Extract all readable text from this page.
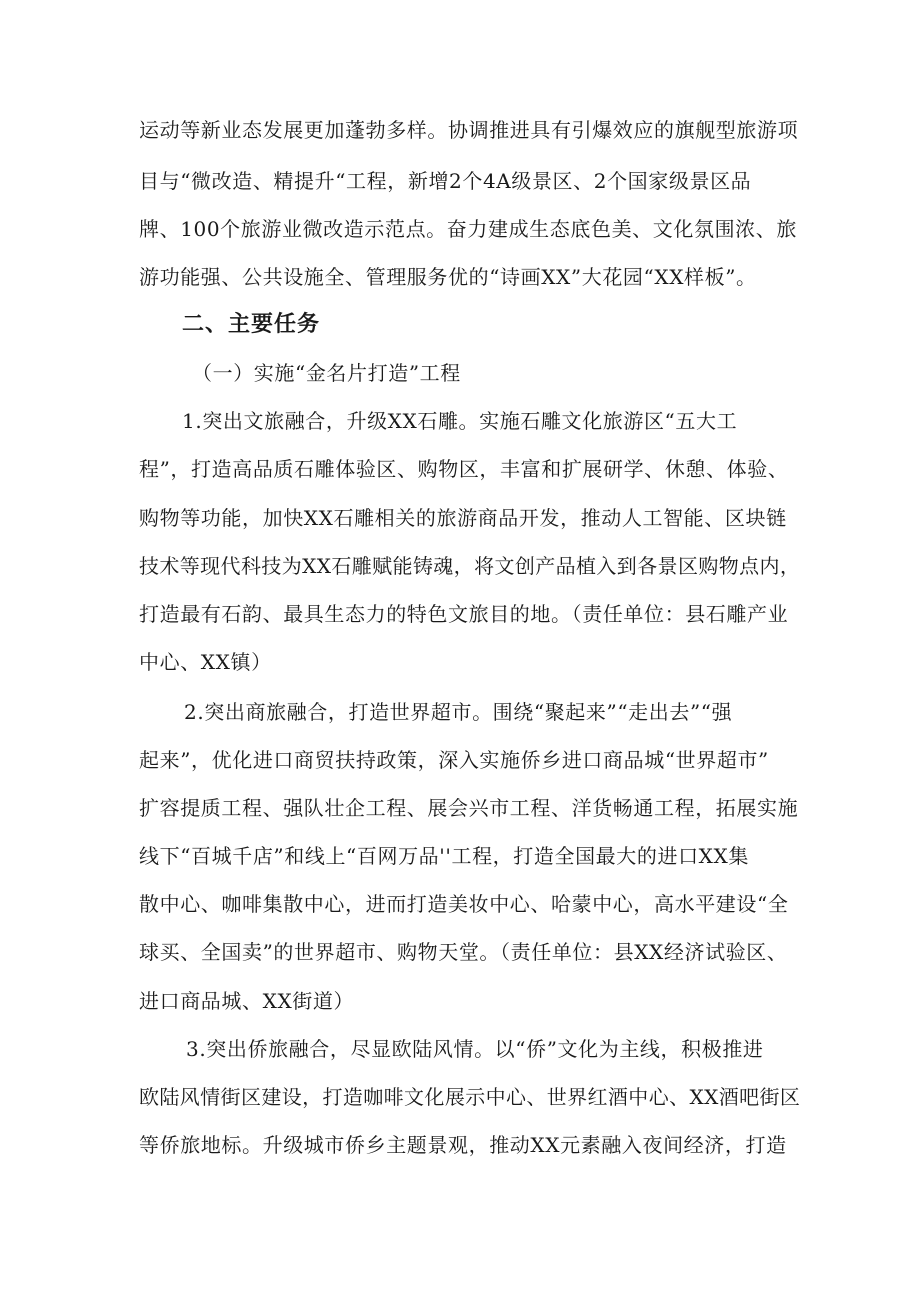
运动等新业态发展更加蓬勃多样。协调推进具有引爆效应的旗舰型旅游项
目与“微改造、精提升“工程，新增2个4A级景区、2个国家级景区品
牌、100个旅游业微改造示范点。奋力建成生态底色美、文化氛围浓、旅
游功能强、公共设施全、管理服务优的“诗画XX”大花园“XX样板”。
二、主要任务
（一）实施“金名片打造”工程
1.突出文旅融合，升级XX石雕。实施石雕文化旅游区“五大工
程”，打造高品质石雕体验区、购物区，丰富和扩展研学、休憩、体验、
购物等功能，加快XX石雕相关的旅游商品开发，推动人工智能、区块链
技术等现代科技为XX石雕赋能铸魂，将文创产品植入到各景区购物点内，
打造最有石韵、最具生态力的特色文旅目的地。（责任单位：县石雕产业
中心、XX镇）
2.突出商旅融合，打造世界超市。围绕“聚起来”“走出去”“强
起来”，优化进口商贸扶持政策，深入实施侨乡进口商品城“世界超市”
扩容提质工程、强队壮企工程、展会兴市工程、洋货畅通工程，拓展实施
线下“百城千店”和线上“百网万品''工程，打造全国最大的进口XX集
散中心、咖啡集散中心，进而打造美妆中心、哈蒙中心，高水平建设“全
球买、全国卖”的世界超市、购物天堂。（责任单位：县XX经济试验区、
进口商品城、XX街道）
3.突出侨旅融合，尽显欧陆风情。以“侨”文化为主线，积极推进
欧陆风情街区建设，打造咖啡文化展示中心、世界红酒中心、XX酒吧街区
等侨旅地标。升级城市侨乡主题景观，推动XX元素融入夜间经济，打造
